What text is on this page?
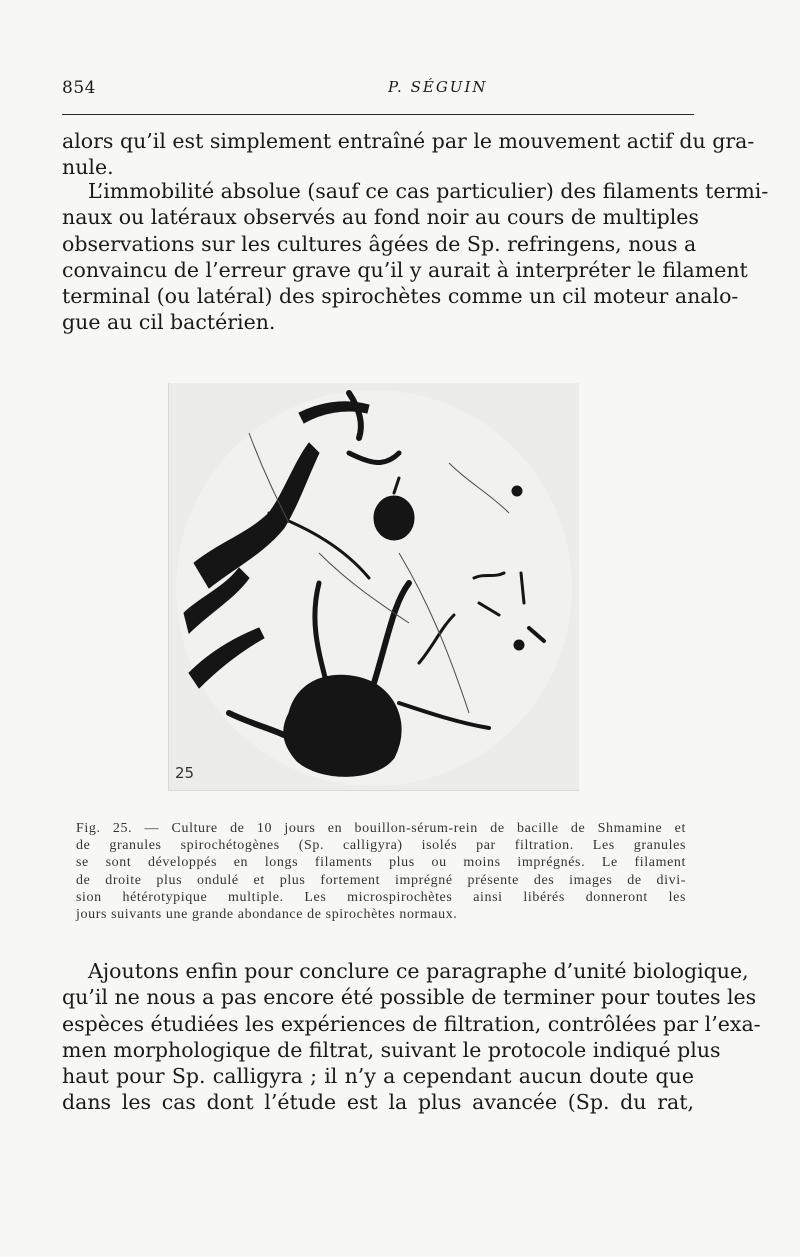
854	P. SÉGUIN
alors qu’il est simplement entraîné par le mouvement actif du gra-
nule.
L’immobilité absolue (sauf ce cas particulier) des filaments termi-
naux ou latéraux observés au fond noir au cours de multiples
observations sur les cultures âgées de Sp. refringens, nous a
convaincu de l’erreur grave qu’il y aurait à interpréter le filament
terminal (ou latéral) des spirochètes comme un cil moteur analo-
gue au cil bactérien.
25
Fig. 25. — Culture de 10 jours en bouillon-sérum-rein de bacille de Shmamine et
de granules spirochétogènes (Sp. calligyra) isolés par filtration. Les granules
se sont développés en longs filaments plus ou moins imprégnés. Le filament
de droite plus ondulé et plus fortement imprégné présente des images de divi-
sion hétérotypique multiple. Les microspirochètes ainsi libérés donneront les
jours suivants une grande abondance de spirochètes normaux.
Ajoutons enfin pour conclure ce paragraphe d’unité biologique,
qu’il ne nous a pas encore été possible de terminer pour toutes les
espèces étudiées les expériences de filtration, contrôlées par l’exa-
men morphologique de filtrat, suivant le protocole indiqué plus
haut pour Sp. calligyra ; il n’y a cependant aucun doute que
dans les cas dont l’étude est la plus avancée (Sp. du rat,
